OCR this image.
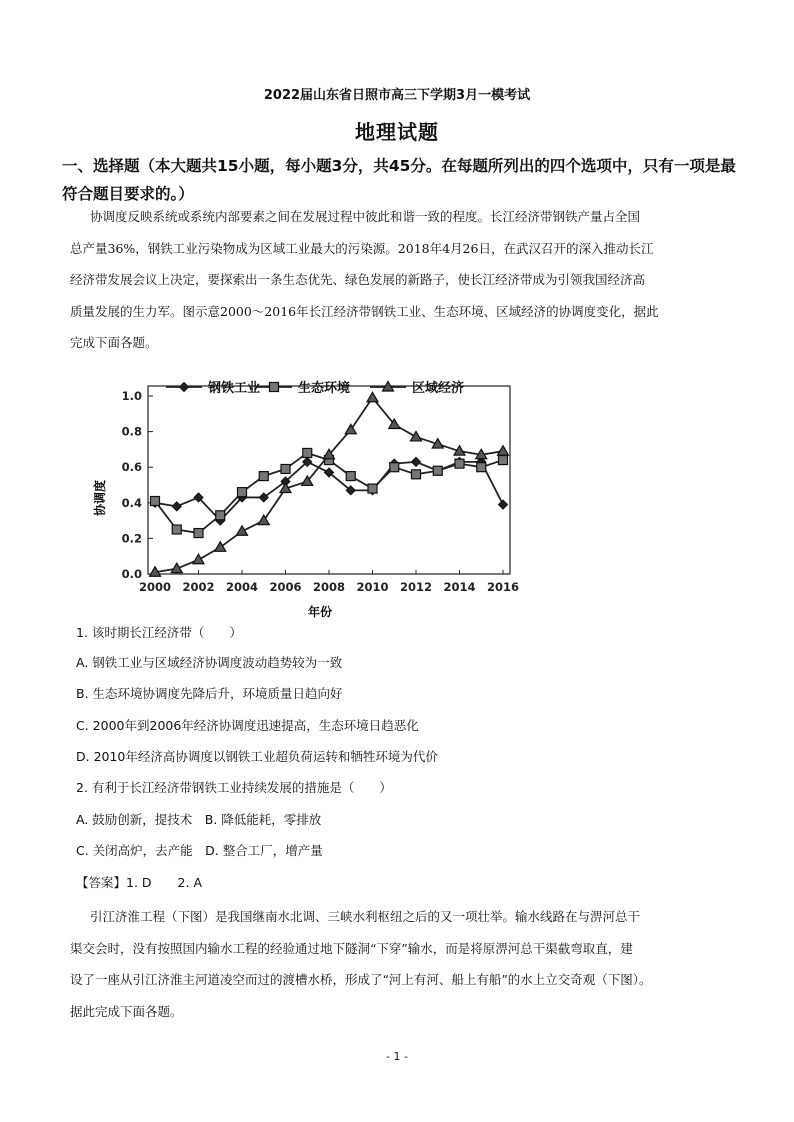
2022届山东省日照市高三下学期3月一模考试
地理试题
一、选择题（本大题共15小题，每小题3分，共45分。在每题所列出的四个选项中，只有一项是最符合题目要求的。）
协调度反映系统或系统内部要素之间在发展过程中彼此和谐一致的程度。长江经济带钢铁产量占全国
总产量36%，钢铁工业污染物成为区域工业最大的污染源。2018年4月26日，在武汉召开的深入推动长江
经济带发展会议上决定，要探索出一条生态优先、绿色发展的新路子，使长江经济带成为引领我国经济高
质量发展的生力军。图示意2000～2016年长江经济带钢铁工业、生态环境、区域经济的协调度变化，据此
完成下面各题。
0.0
0.2
0.4
0.6
0.8
1.0
2000 2002 2004 2006 2008 2010 2012 2014 2016
钢铁工业	生态环境	区域经济
协调度
年份
1. 该时期长江经济带（　　）
A. 钢铁工业与区域经济协调度波动趋势较为一致
B. 生态环境协调度先降后升，环境质量日趋向好
C. 2000年到2006年经济协调度迅速提高，生态环境日趋恶化
D. 2010年经济高协调度以钢铁工业超负荷运转和牺牲环境为代价
2. 有利于长江经济带钢铁工业持续发展的措施是（　　）
A. 鼓励创新，提技术　B. 降低能耗，零排放
C. 关闭高炉，去产能　D. 整合工厂，增产量
【答案】1. D 2. A
引江济淮工程（下图）是我国继南水北调、三峡水利枢纽之后的又一项壮举。输水线路在与淠河总干
渠交会时，没有按照国内输水工程的经验通过地下隧洞“下穿”输水，而是将原淠河总干渠截弯取直，建
设了一座从引江济淮主河道凌空而过的渡槽水桥，形成了“河上有河、船上有船”的水上立交奇观（下图）。
据此完成下面各题。
- 1 -
